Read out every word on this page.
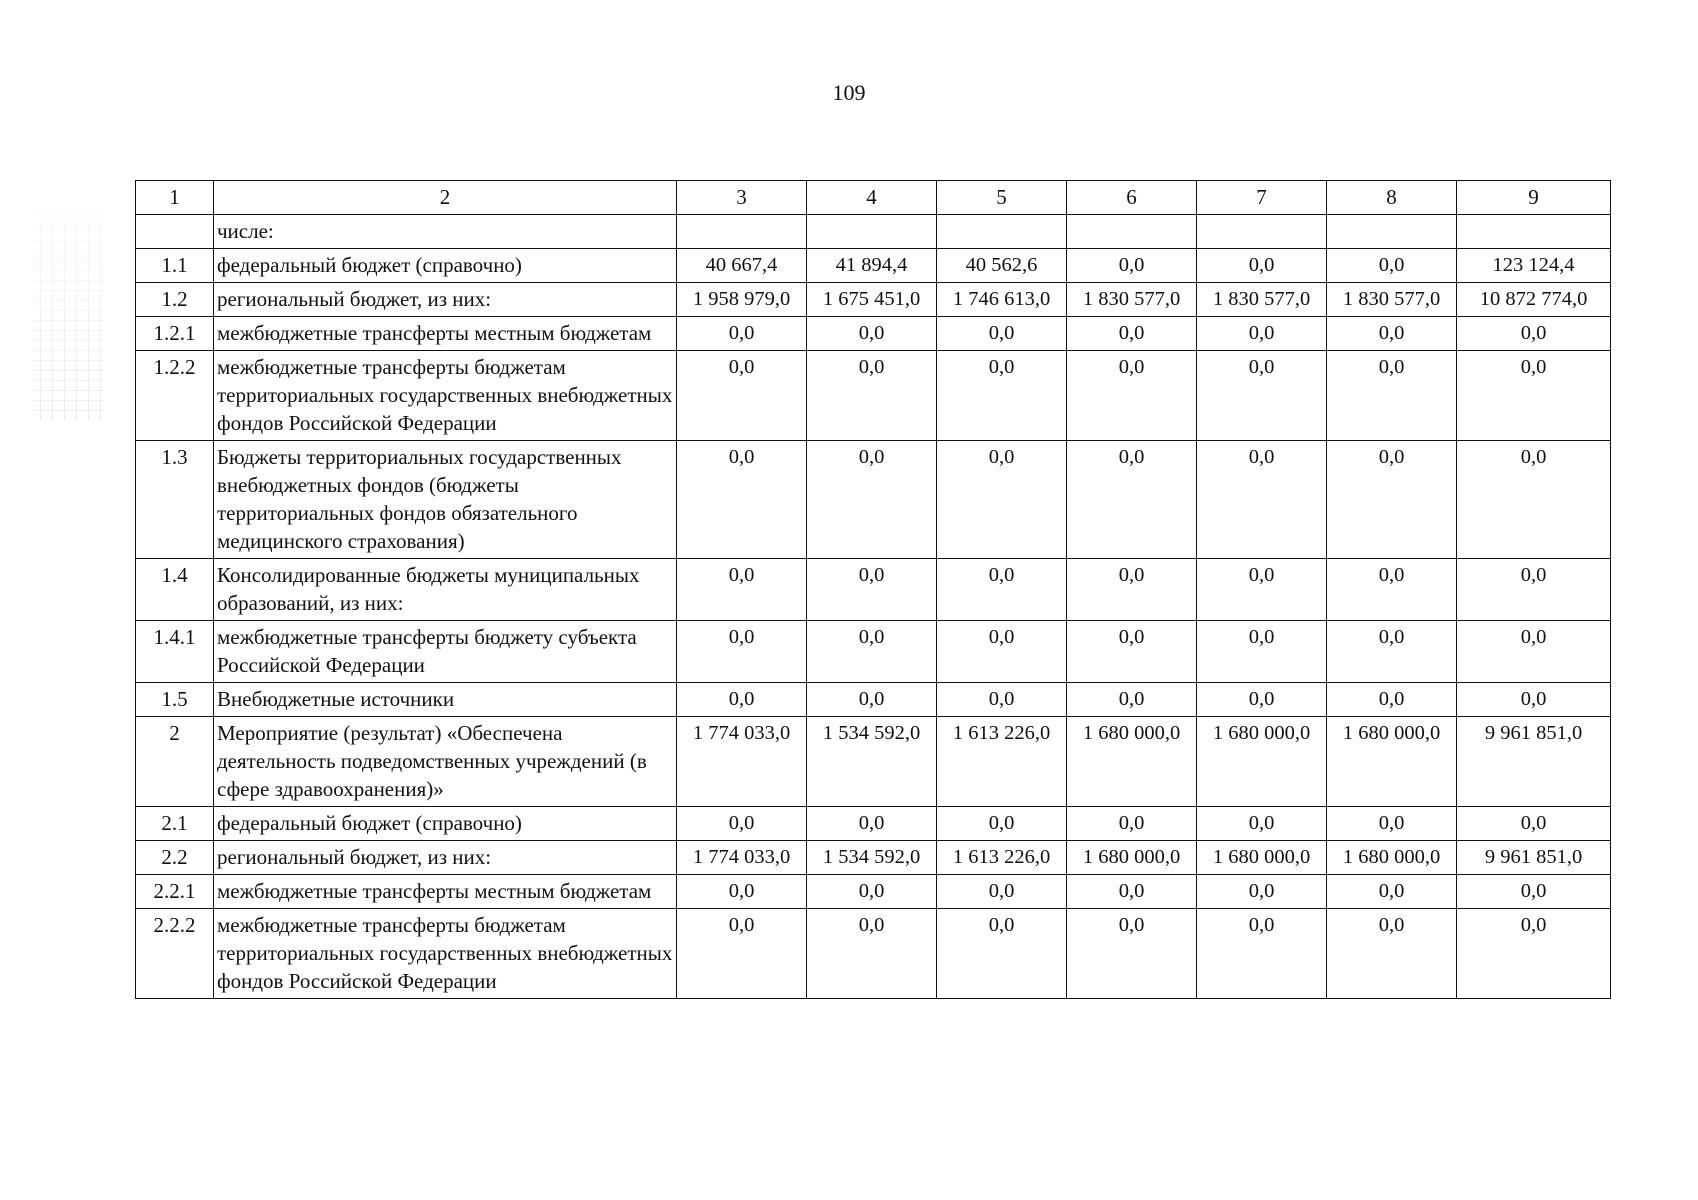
109
1	2	3	4	5	6	7	8	9
	числе:							
1.1	федеральный бюджет (справочно)	40 667,4	41 894,4	40 562,6	0,0	0,0	0,0	123 124,4
1.2	региональный бюджет, из них:	1 958 979,0	1 675 451,0	1 746 613,0	1 830 577,0	1 830 577,0	1 830 577,0	10 872 774,0
1.2.1	межбюджетные трансферты местным бюджетам	0,0	0,0	0,0	0,0	0,0	0,0	0,0
1.2.2	межбюджетные трансферты бюджетам территориальных государственных внебюджетных фондов Российской Федерации	0,0	0,0	0,0	0,0	0,0	0,0	0,0
1.3	Бюджеты территориальных государственных внебюджетных фондов (бюджеты территориальных фондов обязательного медицинского страхования)	0,0	0,0	0,0	0,0	0,0	0,0	0,0
1.4	Консолидированные бюджеты муниципальных образований, из них:	0,0	0,0	0,0	0,0	0,0	0,0	0,0
1.4.1	межбюджетные трансферты бюджету субъекта Российской Федерации	0,0	0,0	0,0	0,0	0,0	0,0	0,0
1.5	Внебюджетные источники	0,0	0,0	0,0	0,0	0,0	0,0	0,0
2	Мероприятие (результат) «Обеспечена деятельность подведомственных учреждений (в сфере здравоохранения)»	1 774 033,0	1 534 592,0	1 613 226,0	1 680 000,0	1 680 000,0	1 680 000,0	9 961 851,0
2.1	федеральный бюджет (справочно)	0,0	0,0	0,0	0,0	0,0	0,0	0,0
2.2	региональный бюджет, из них:	1 774 033,0	1 534 592,0	1 613 226,0	1 680 000,0	1 680 000,0	1 680 000,0	9 961 851,0
2.2.1	межбюджетные трансферты местным бюджетам	0,0	0,0	0,0	0,0	0,0	0,0	0,0
2.2.2	межбюджетные трансферты бюджетам территориальных государственных внебюджетных фондов Российской Федерации	0,0	0,0	0,0	0,0	0,0	0,0	0,0
